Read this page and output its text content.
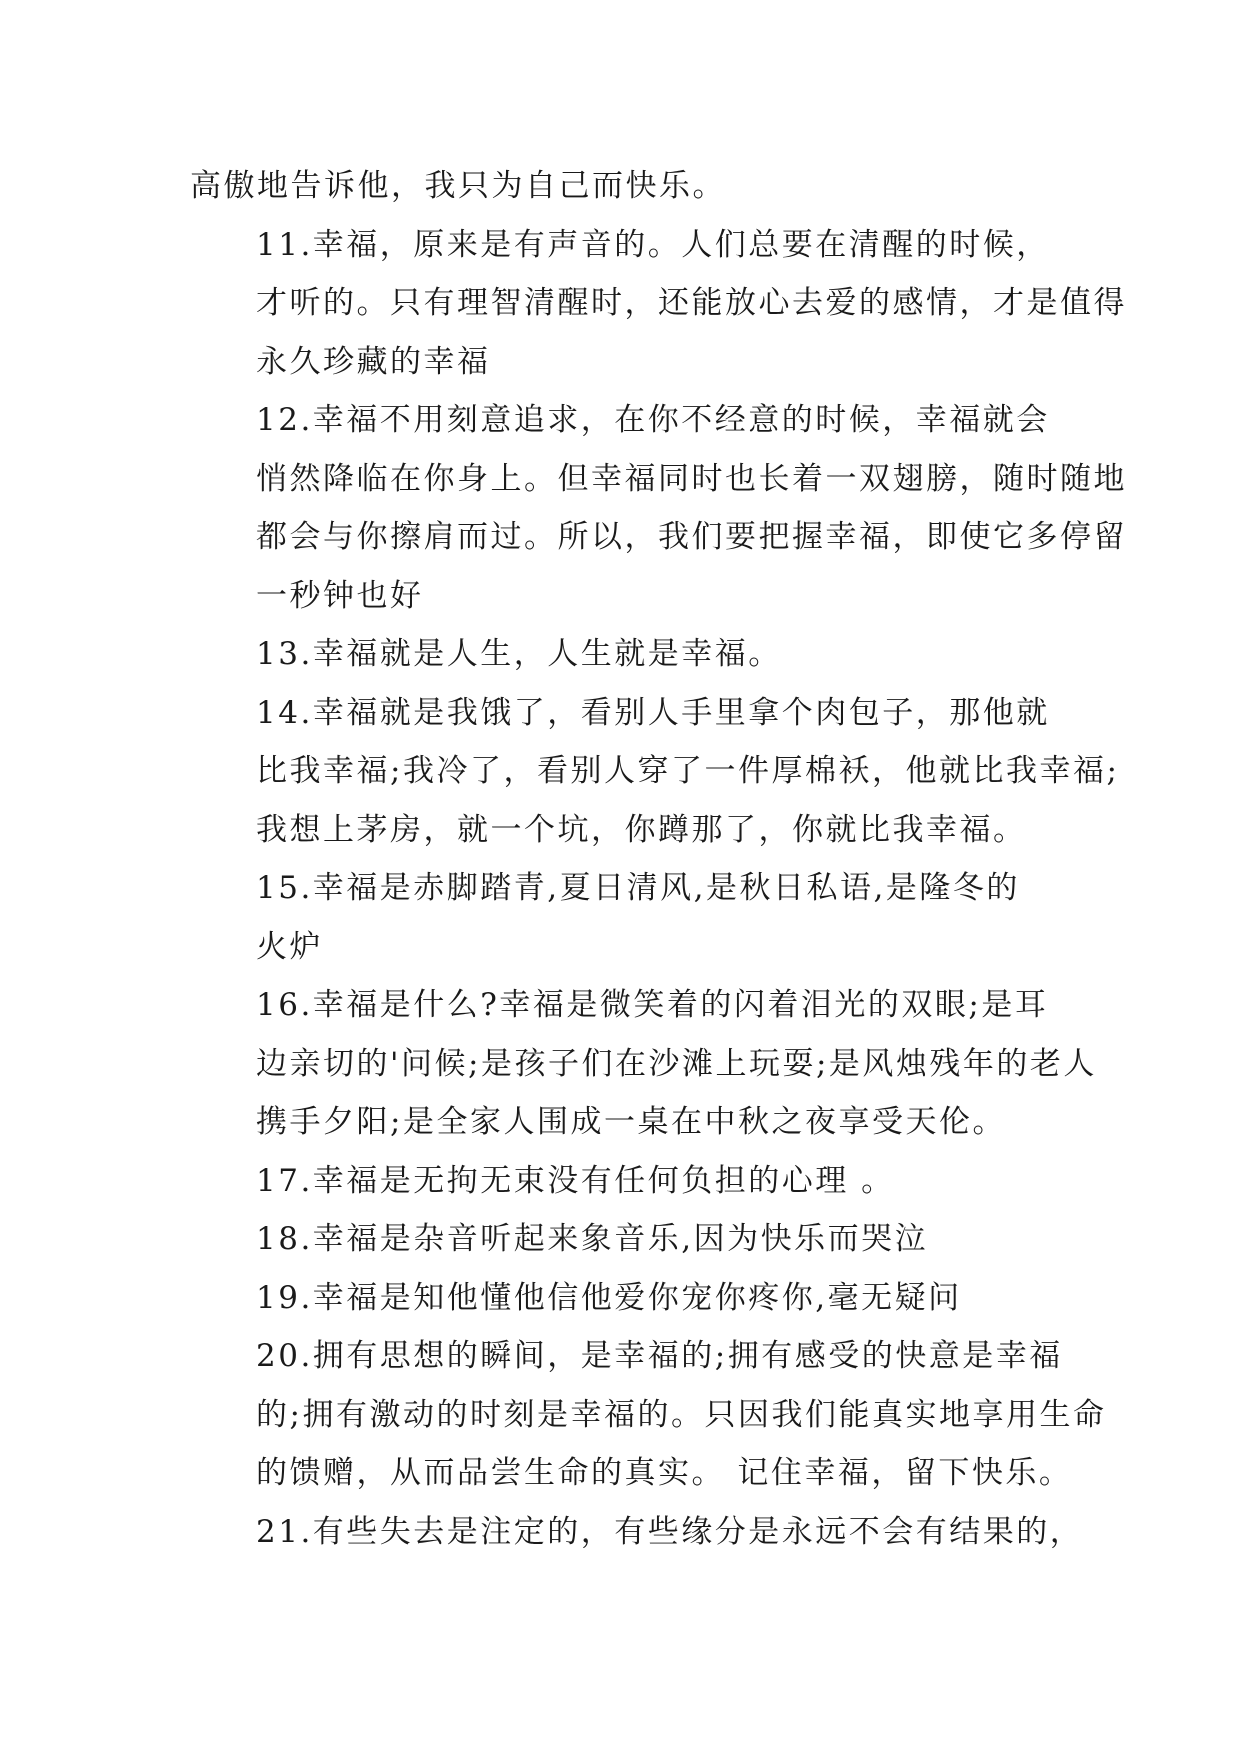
高傲地告诉他，我只为自己而快乐。

11.幸福，原来是有声音的。人们总要在清醒的时候，
才听的。只有理智清醒时，还能放心去爱的感情，才是值得
永久珍藏的幸福

12.幸福不用刻意追求，在你不经意的时候，幸福就会
悄然降临在你身上。但幸福同时也长着一双翅膀，随时随地
都会与你擦肩而过。所以，我们要把握幸福，即使它多停留
一秒钟也好

13.幸福就是人生，人生就是幸福。

14.幸福就是我饿了，看别人手里拿个肉包子，那他就
比我幸福;我冷了，看别人穿了一件厚棉袄，他就比我幸福;
我想上茅房，就一个坑，你蹲那了，你就比我幸福。

15.幸福是赤脚踏青,夏日清风,是秋日私语,是隆冬的
火炉

16.幸福是什么?幸福是微笑着的闪着泪光的双眼;是耳
边亲切的'问候;是孩子们在沙滩上玩耍;是风烛残年的老人
携手夕阳;是全家人围成一桌在中秋之夜享受天伦。

17.幸福是无拘无束没有任何负担的心理 。

18.幸福是杂音听起来象音乐,因为快乐而哭泣

19.幸福是知他懂他信他爱你宠你疼你,毫无疑问

20.拥有思想的瞬间，是幸福的;拥有感受的快意是幸福
的;拥有激动的时刻是幸福的。只因我们能真实地享用生命
的馈赠，从而品尝生命的真实。 记住幸福，留下快乐。

21.有些失去是注定的，有些缘分是永远不会有结果的，
